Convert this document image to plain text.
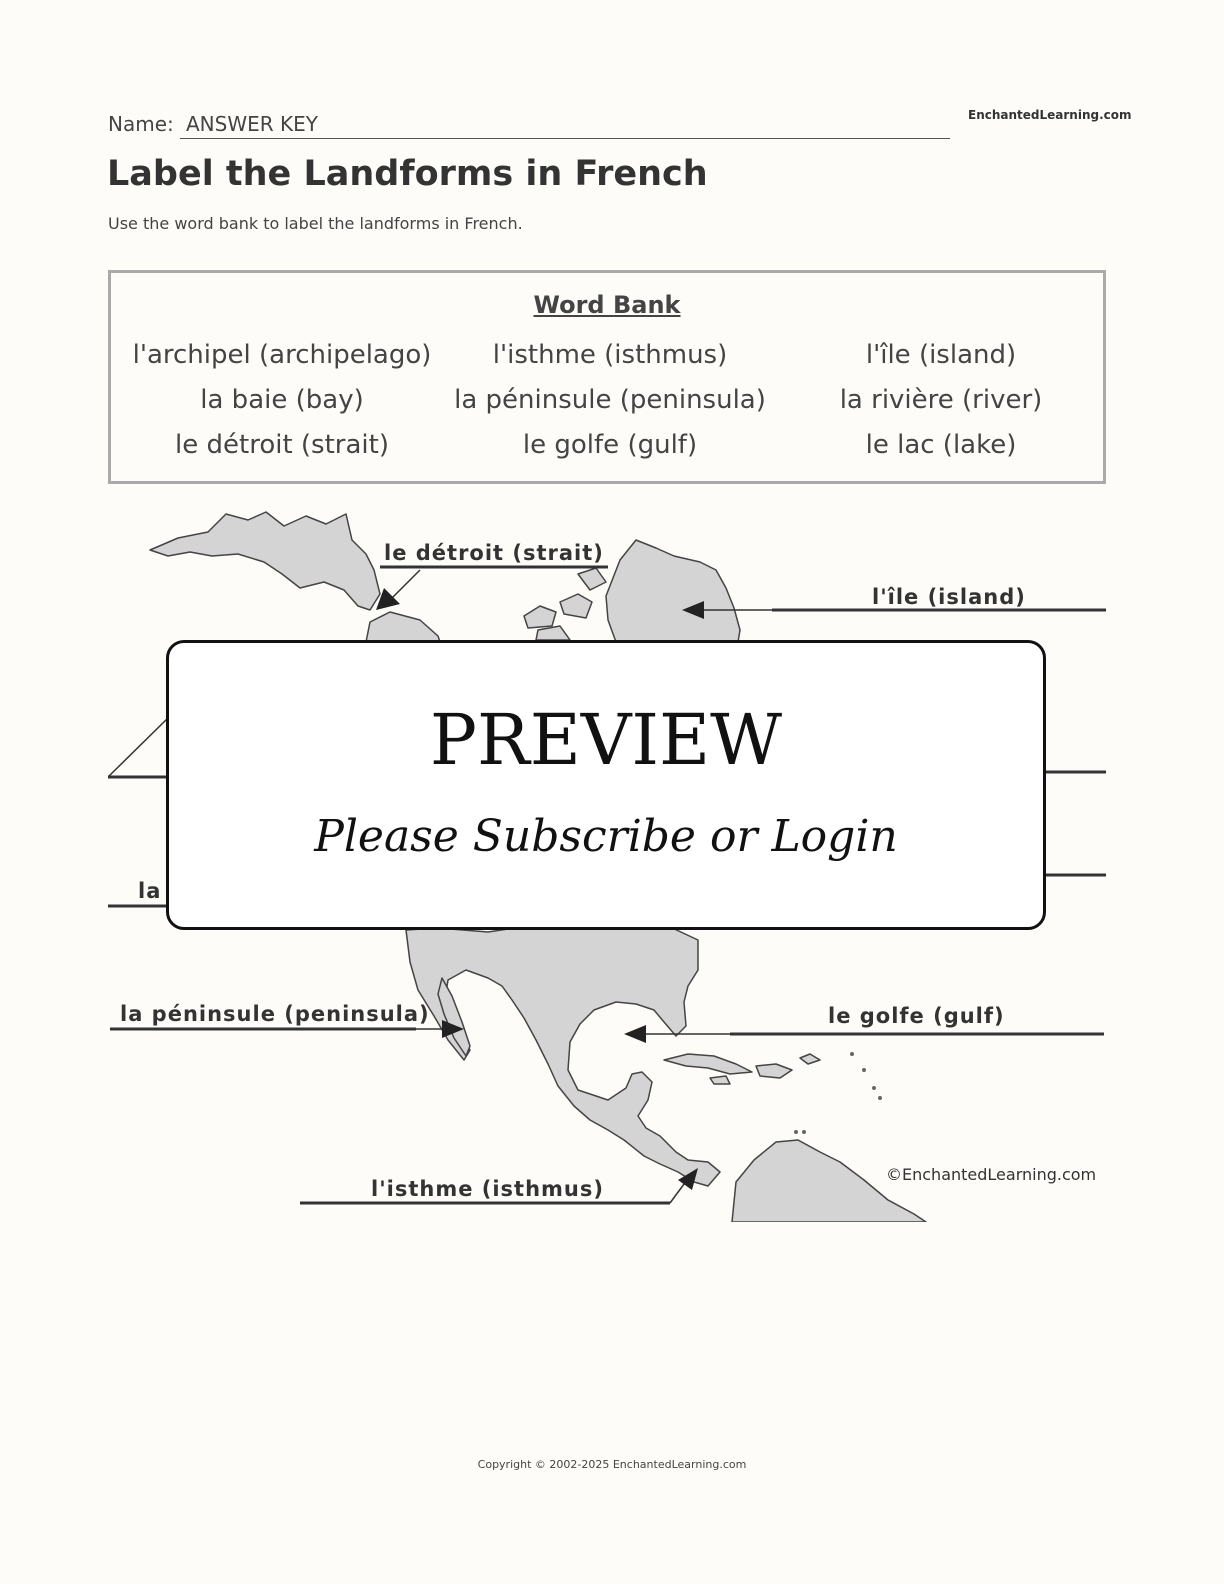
EnchantedLearning.com
Name: ANSWER KEY
Label the Landforms in French
Use the word bank to label the landforms in French.
Word Bank
l'archipel (archipelago)
la baie (bay)
le détroit (strait)
l'isthme (isthmus)
la péninsule (peninsula)
le golfe (gulf)
l'île (island)
la rivière (river)
le lac (lake)
le détroit (strait)
l'île (island)
la
la péninsule (peninsula)	le golfe (gulf)
l'isthme (isthmus)
©EnchantedLearning.com
PREVIEW
Please Subscribe or Login
Copyright © 2002-2025 EnchantedLearning.com
